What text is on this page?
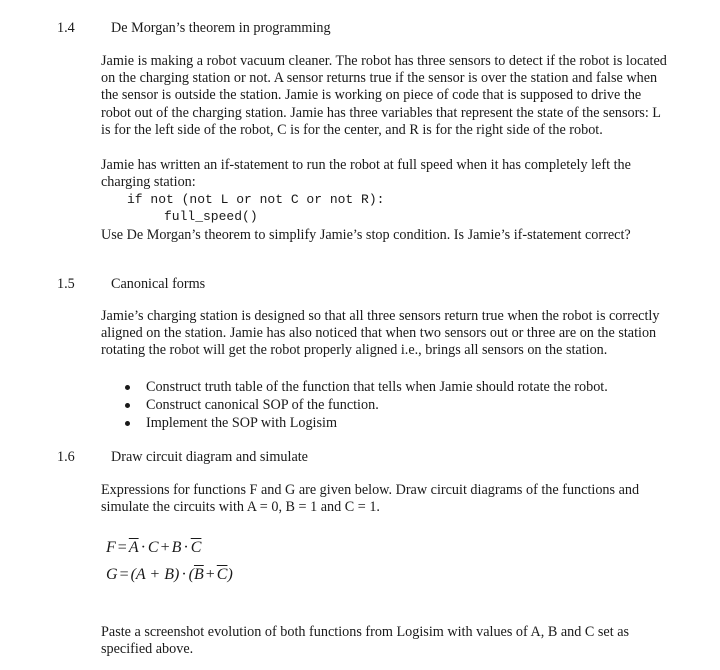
1.4	De Morgan’s theorem in programming

Jamie is making a robot vacuum cleaner. The robot has three sensors to detect if the robot is located on the charging station or not. A sensor returns true if the sensor is over the station and false when the sensor is outside the station. Jamie is working on piece of code that is supposed to drive the robot out of the charging station. Jamie has three variables that represent the state of the sensors: L is for the left side of the robot, C is for the center, and R is for the right side of the robot.

Jamie has written an if-statement to run the robot at full speed when it has completely left the charging station:

if not (not L or not C or not R):
full_speed()

Use De Morgan’s theorem to simplify Jamie’s stop condition. Is Jamie’s if-statement correct?

1.5	Canonical forms

Jamie’s charging station is designed so that all three sensors return true when the robot is correctly aligned on the station. Jamie has also noticed that when two sensors out or three are on the station rotating the robot will get the robot properly aligned i.e., brings all sensors on the station.

Construct truth table of the function that tells when Jamie should rotate the robot.
Construct canonical SOP of the function.
Implement the SOP with Logisim
1.6	Draw circuit diagram and simulate

Expressions for functions F and G are given below. Draw circuit diagrams of the functions and simulate the circuits with A = 0, B = 1 and C = 1.

$F = \overline{A} \cdot C + B \cdot \overline{C}$
$G = (A + B) \cdot (\overline{B} + \overline{C})$

Paste a screenshot evolution of both functions from Logisim with values of A, B and C set as specified above.
